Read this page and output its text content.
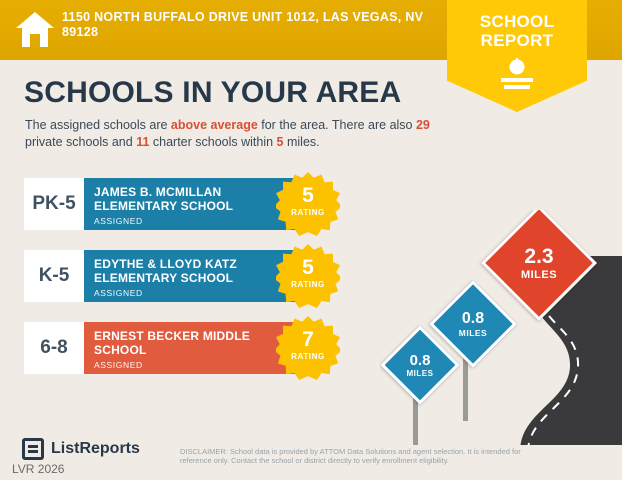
1150 NORTH BUFFALO DRIVE UNIT 1012, LAS VEGAS, NV 89128
SCHOOL
REPORT
SCHOOLS IN YOUR AREA
The assigned schools are above average for the area. There are also 29 private schools and 11 charter schools within 5 miles.
PK-5
JAMES B. MCMILLAN ELEMENTARY SCHOOL
ASSIGNED
5
RATING
K-5
EDYTHE & LLOYD KATZ ELEMENTARY SCHOOL
ASSIGNED
5
RATING
6-8
ERNEST BECKER MIDDLE SCHOOL
ASSIGNED
7
RATING	0.8
MILES
0.8
MILES
2.3
MILES
ListReports
LVR 2026
DISCLAIMER: School data is provided by ATTOM Data Solutions and agent selection. It is intended for reference only. Contact the school or district directly to verify enrollment eligibility.
